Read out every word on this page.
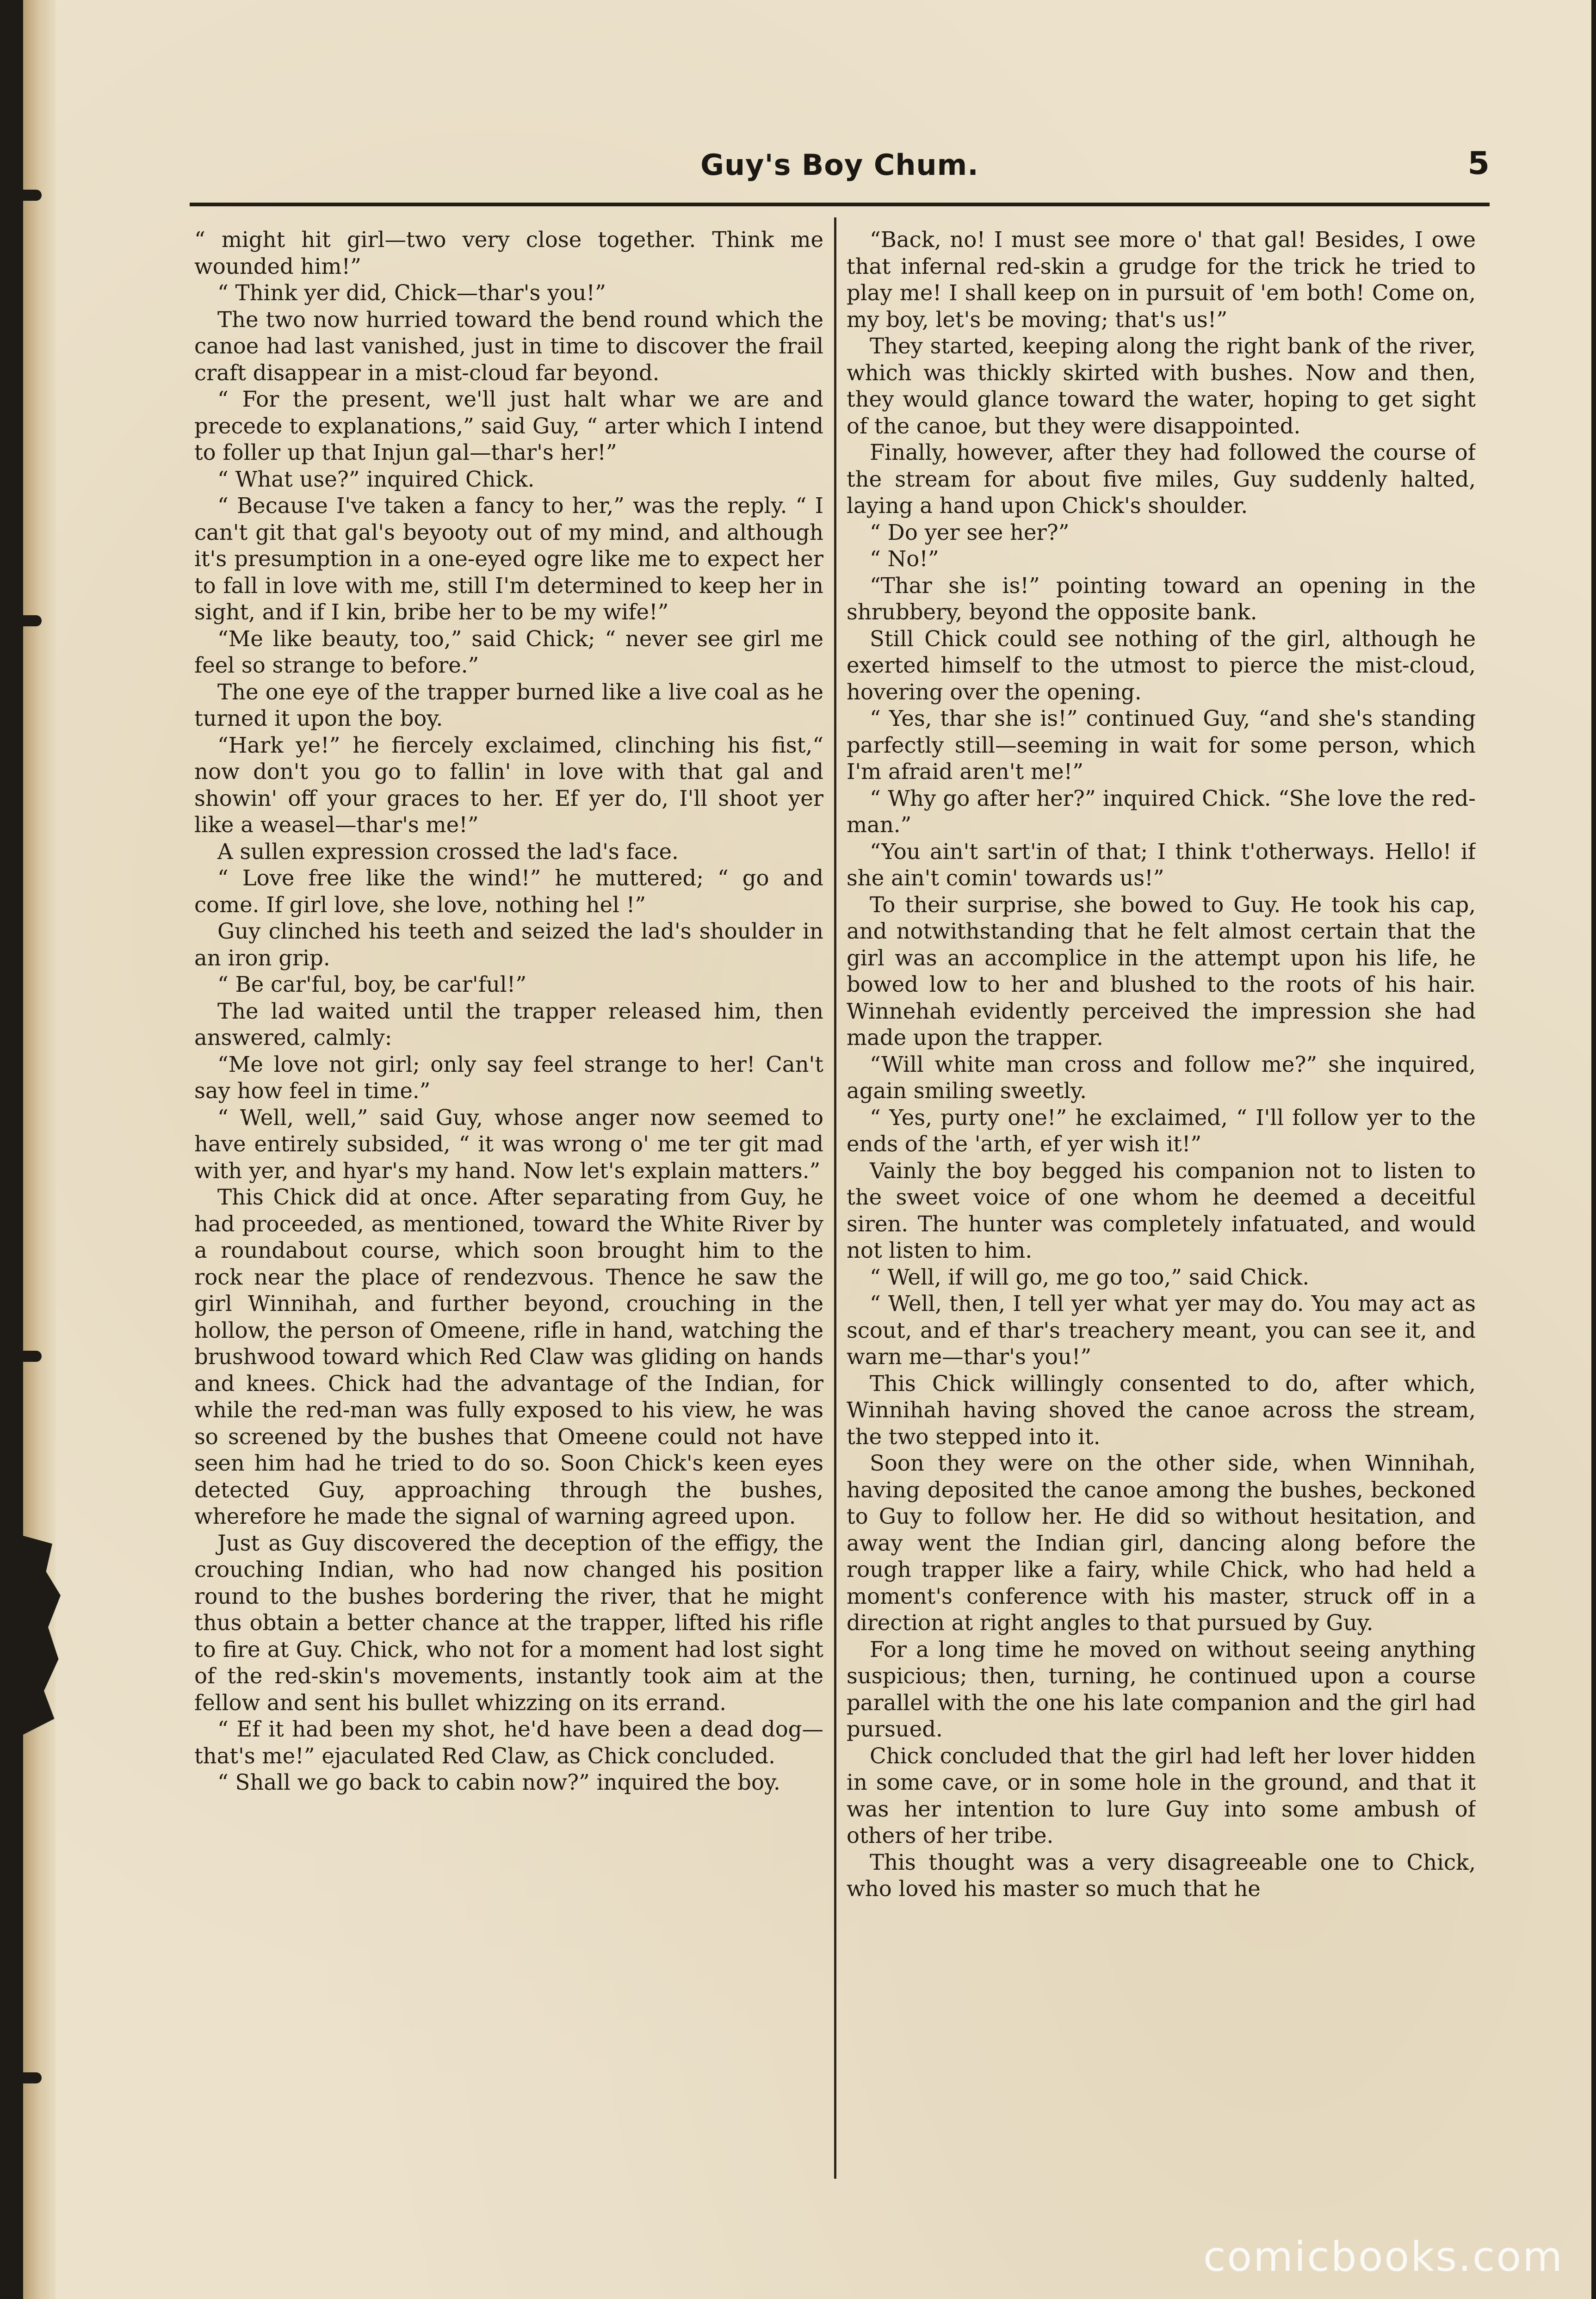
Guy's Boy Chum.	5

“ might hit girl—two very close together. Think me wounded him!”

“ Think yer did, Chick—thar's you!”

The two now hurried toward the bend round which the canoe had last vanished, just in time to discover the frail craft disappear in a mist-cloud far beyond.

“ For the present, we'll just halt whar we are and precede to explanations,” said Guy, “ arter which I intend to foller up that Injun gal—thar's her!”

“ What use?” inquired Chick.

“ Because I've taken a fancy to her,” was the reply. “ I can't git that gal's beyooty out of my mind, and although it's presumption in a one-eyed ogre like me to expect her to fall in love with me, still I'm determined to keep her in sight, and if I kin, bribe her to be my wife!”

“Me like beauty, too,” said Chick; “ never see girl me feel so strange to before.”

The one eye of the trapper burned like a live coal as he turned it upon the boy.

“Hark ye!” he fiercely exclaimed, clinching his fist,“ now don't you go to fallin' in love with that gal and showin' off your graces to her. Ef yer do, I'll shoot yer like a weasel—thar's me!”

A sullen expression crossed the lad's face.

“ Love free like the wind!” he muttered; “ go and come. If girl love, she love, nothing hel !”

Guy clinched his teeth and seized the lad's shoulder in an iron grip.

“ Be car'ful, boy, be car'ful!”

The lad waited until the trapper released him, then answered, calmly:

“Me love not girl; only say feel strange to her! Can't say how feel in time.”

“ Well, well,” said Guy, whose anger now seemed to have entirely subsided, “ it was wrong o' me ter git mad with yer, and hyar's my hand. Now let's explain matters.”

This Chick did at once. After separating from Guy, he had proceeded, as mentioned, toward the White River by a roundabout course, which soon brought him to the rock near the place of rendezvous. Thence he saw the girl Winnihah, and further beyond, crouching in the hollow, the person of Omeene, rifle in hand, watching the brushwood toward which Red Claw was gliding on hands and knees. Chick had the advantage of the Indian, for while the red-man was fully exposed to his view, he was so screened by the bushes that Omeene could not have seen him had he tried to do so. Soon Chick's keen eyes detected Guy, approaching through the bushes, wherefore he made the signal of warning agreed upon.

Just as Guy discovered the deception of the effigy, the crouching Indian, who had now changed his position round to the bushes bordering the river, that he might thus obtain a better chance at the trapper, lifted his rifle to fire at Guy. Chick, who not for a moment had lost sight of the red-skin's movements, instantly took aim at the fellow and sent his bullet whizzing on its errand.

“ Ef it had been my shot, he'd have been a dead dog—that's me!” ejaculated Red Claw, as Chick concluded.

“ Shall we go back to cabin now?” inquired the boy.

“Back, no! I must see more o' that gal! Besides, I owe that infernal red-skin a grudge for the trick he tried to play me! I shall keep on in pursuit of 'em both! Come on, my boy, let's be moving; that's us!”

They started, keeping along the right bank of the river, which was thickly skirted with bushes. Now and then, they would glance toward the water, hoping to get sight of the canoe, but they were disappointed.

Finally, however, after they had followed the course of the stream for about five miles, Guy suddenly halted, laying a hand upon Chick's shoulder.

“ Do yer see her?”

“ No!”

“Thar she is!” pointing toward an opening in the shrubbery, beyond the opposite bank.

Still Chick could see nothing of the girl, although he exerted himself to the utmost to pierce the mist-cloud, hovering over the opening.

“ Yes, thar she is!” continued Guy, “and she's standing parfectly still—seeming in wait for some person, which I'm afraid aren't me!”

“ Why go after her?” inquired Chick. “She love the red-man.”

“You ain't sart'in of that; I think t'otherways. Hello! if she ain't comin' towards us!”

To their surprise, she bowed to Guy. He took his cap, and notwithstanding that he felt almost certain that the girl was an accomplice in the attempt upon his life, he bowed low to her and blushed to the roots of his hair. Winnehah evidently perceived the impression she had made upon the trapper.

“Will white man cross and follow me?” she inquired, again smiling sweetly.

“ Yes, purty one!” he exclaimed, “ I'll follow yer to the ends of the 'arth, ef yer wish it!”

Vainly the boy begged his companion not to listen to the sweet voice of one whom he deemed a deceitful siren. The hunter was completely infatuated, and would not listen to him.

“ Well, if will go, me go too,” said Chick.

“ Well, then, I tell yer what yer may do. You may act as scout, and ef thar's treachery meant, you can see it, and warn me—thar's you!”

This Chick willingly consented to do, after which, Winnihah having shoved the canoe across the stream, the two stepped into it.

Soon they were on the other side, when Winnihah, having deposited the canoe among the bushes, beckoned to Guy to follow her. He did so without hesitation, and away went the Indian girl, dancing along before the rough trapper like a fairy, while Chick, who had held a moment's conference with his master, struck off in a direction at right angles to that pursued by Guy.

For a long time he moved on without seeing anything suspicious; then, turning, he continued upon a course parallel with the one his late companion and the girl had pursued.

Chick concluded that the girl had left her lover hidden in some cave, or in some hole in the ground, and that it was her intention to lure Guy into some ambush of others of her tribe.

This thought was a very disagreeable one to Chick, who loved his master so much that he

comicbooks.com
